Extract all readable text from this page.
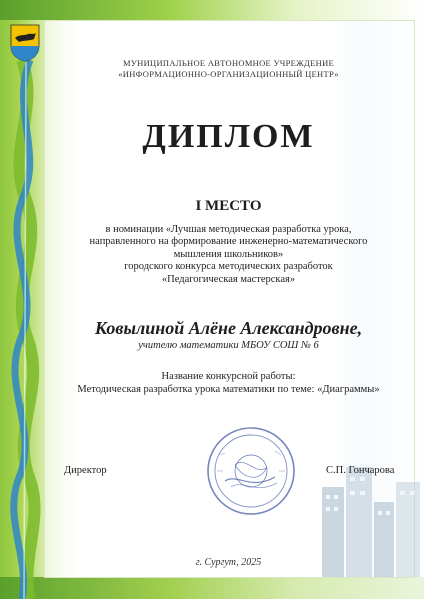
МУНИЦИПАЛЬНОЕ АВТОНОМНОЕ УЧРЕЖДЕНИЕ
«ИНФОРМАЦИОННО-ОРГАНИЗАЦИОННЫЙ ЦЕНТР»
ДИПЛОМ
I МЕСТО
в номинации «Лучшая методическая разработка урока,
направленного на формирование инженерно-математического
мышления школьников»
городского конкурса методических разработок
«Педагогическая мастерская»
Ковылиной Алёне Александровне,
учителю математики МБОУ СОШ № 6
Название конкурсной работы:
Методическая разработка урока математики по теме: «Диаграммы»
Директор	С.П. Гончарова
г. Сургут, 2025
